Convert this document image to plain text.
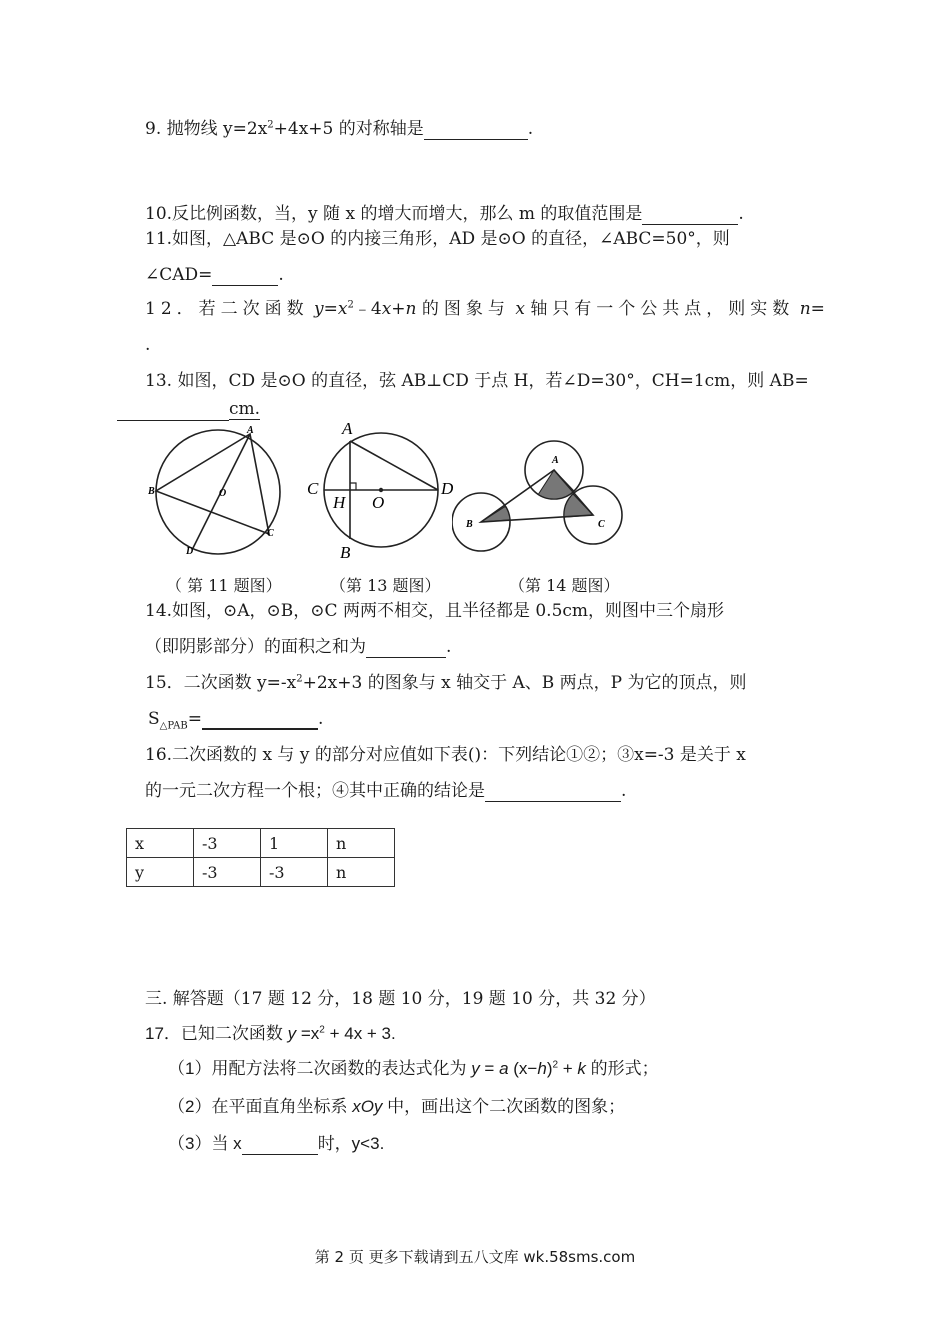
9. 抛物线 $y=2x^2+4x+5$ 的对称轴是	.
10.反比例函数，当，y 随 x 的增大而增大，那么 m 的取值范围是	.
11.如图，△ABC 是⊙O 的内接三角形，AD 是⊙O 的直径，∠ABC=50°，则
∠CAD=	.
12．若二次函数 $y=x^2﹣4x+n$ 的图象与 x 轴只有一个公共点，则实数 n=
.
13. 如图，CD 是⊙O 的直径，弦 AB⊥CD 于点 H，若∠D=30°，CH=1cm，则 AB=
cm.
A
B	O
C
D
A
C
H O
D
B
A
B	C
（ 第 11 题图）	（第 13 题图）	（第 14 题图）
14.如图，⊙A，⊙B，⊙C 两两不相交，且半径都是 0.5cm，则图中三个扇形
（即阴影部分）的面积之和为	.
15．二次函数 $y=-x^2+2x+3$ 的图象与 x 轴交于 A、B 两点，P 为它的顶点，则
$S_{\triangle PAB}=$	.
16.二次函数的 x 与 y 的部分对应值如下表()：下列结论①②；③x=-3 是关于 x
的一元二次方程一个根；④其中正确的结论是	.
x	-3	1	n
y	-3	-3	n
三. 解答题（17 题 12 分，18 题 10 分，19 题 10 分，共 32 分）
17．已知二次函数 $y =x^2 + 4x + 3$.
（1）用配方法将二次函数的表达式化为 y = a $(x-h)^2 + k$ 的形式；
（2）在平面直角坐标系 xOy 中，画出这个二次函数的图象；
（3）当 x	时，y<3.
第 2 页 更多下载请到五八文库 wk.58sms.com
